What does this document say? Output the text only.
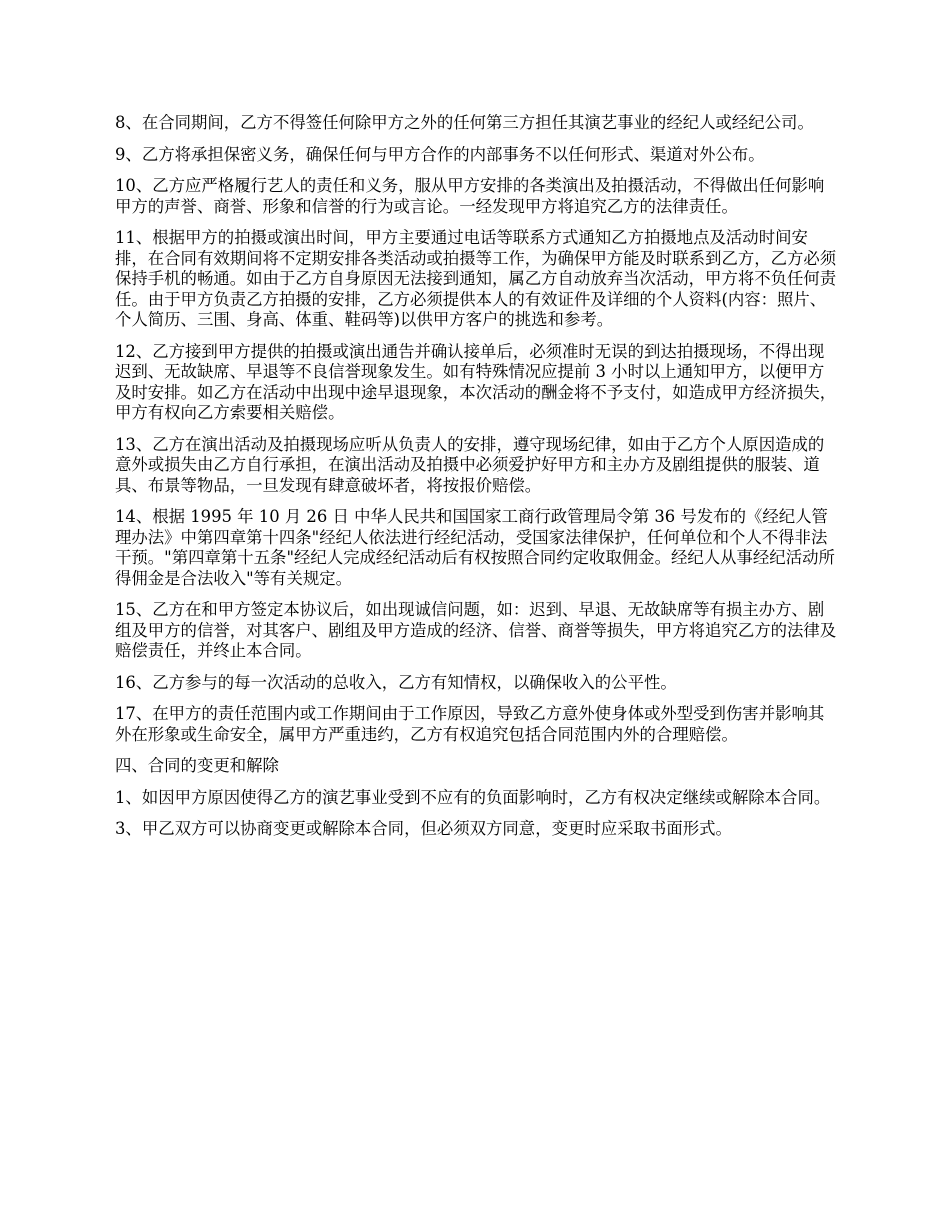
8、在合同期间，乙方不得签任何除甲方之外的任何第三方担任其演艺事业的经纪人或经纪公司。

9、乙方将承担保密义务，确保任何与甲方合作的内部事务不以任何形式、渠道对外公布。

10、乙方应严格履行艺人的责任和义务，服从甲方安排的各类演出及拍摄活动，不得做出任何影响甲方的声誉、商誉、形象和信誉的行为或言论。一经发现甲方将追究乙方的法律责任。

11、根据甲方的拍摄或演出时间，甲方主要通过电话等联系方式通知乙方拍摄地点及活动时间安排，在合同有效期间将不定期安排各类活动或拍摄等工作，为确保甲方能及时联系到乙方，乙方必须保持手机的畅通。如由于乙方自身原因无法接到通知，属乙方自动放弃当次活动，甲方将不负任何责任。由于甲方负责乙方拍摄的安排，乙方必须提供本人的有效证件及详细的个人资料(内容：照片、个人简历、三围、身高、体重、鞋码等)以供甲方客户的挑选和参考。

12、乙方接到甲方提供的拍摄或演出通告并确认接单后，必须准时无误的到达拍摄现场，不得出现迟到、无故缺席、早退等不良信誉现象发生。如有特殊情况应提前 3 小时以上通知甲方，以便甲方及时安排。如乙方在活动中出现中途早退现象，本次活动的酬金将不予支付，如造成甲方经济损失，甲方有权向乙方索要相关赔偿。

13、乙方在演出活动及拍摄现场应听从负责人的安排，遵守现场纪律，如由于乙方个人原因造成的意外或损失由乙方自行承担，在演出活动及拍摄中必须爱护好甲方和主办方及剧组提供的服装、道具、布景等物品，一旦发现有肆意破坏者，将按报价赔偿。

14、根据 1995 年 10 月 26 日 中华人民共和国国家工商行政管理局令第 36 号发布的《经纪人管理办法》中第四章第十四条"经纪人依法进行经纪活动，受国家法律保护，任何单位和个人不得非法干预。"第四章第十五条"经纪人完成经纪活动后有权按照合同约定收取佣金。经纪人从事经纪活动所得佣金是合法收入"等有关规定。

15、乙方在和甲方签定本协议后，如出现诚信问题，如：迟到、早退、无故缺席等有损主办方、剧组及甲方的信誉，对其客户、剧组及甲方造成的经济、信誉、商誉等损失，甲方将追究乙方的法律及赔偿责任，并终止本合同。

16、乙方参与的每一次活动的总收入，乙方有知情权，以确保收入的公平性。

17、在甲方的责任范围内或工作期间由于工作原因，导致乙方意外使身体或外型受到伤害并影响其外在形象或生命安全，属甲方严重违约，乙方有权追究包括合同范围内外的合理赔偿。

四、合同的变更和解除

1、如因甲方原因使得乙方的演艺事业受到不应有的负面影响时，乙方有权决定继续或解除本合同。

3、甲乙双方可以协商变更或解除本合同，但必须双方同意，变更时应采取书面形式。
